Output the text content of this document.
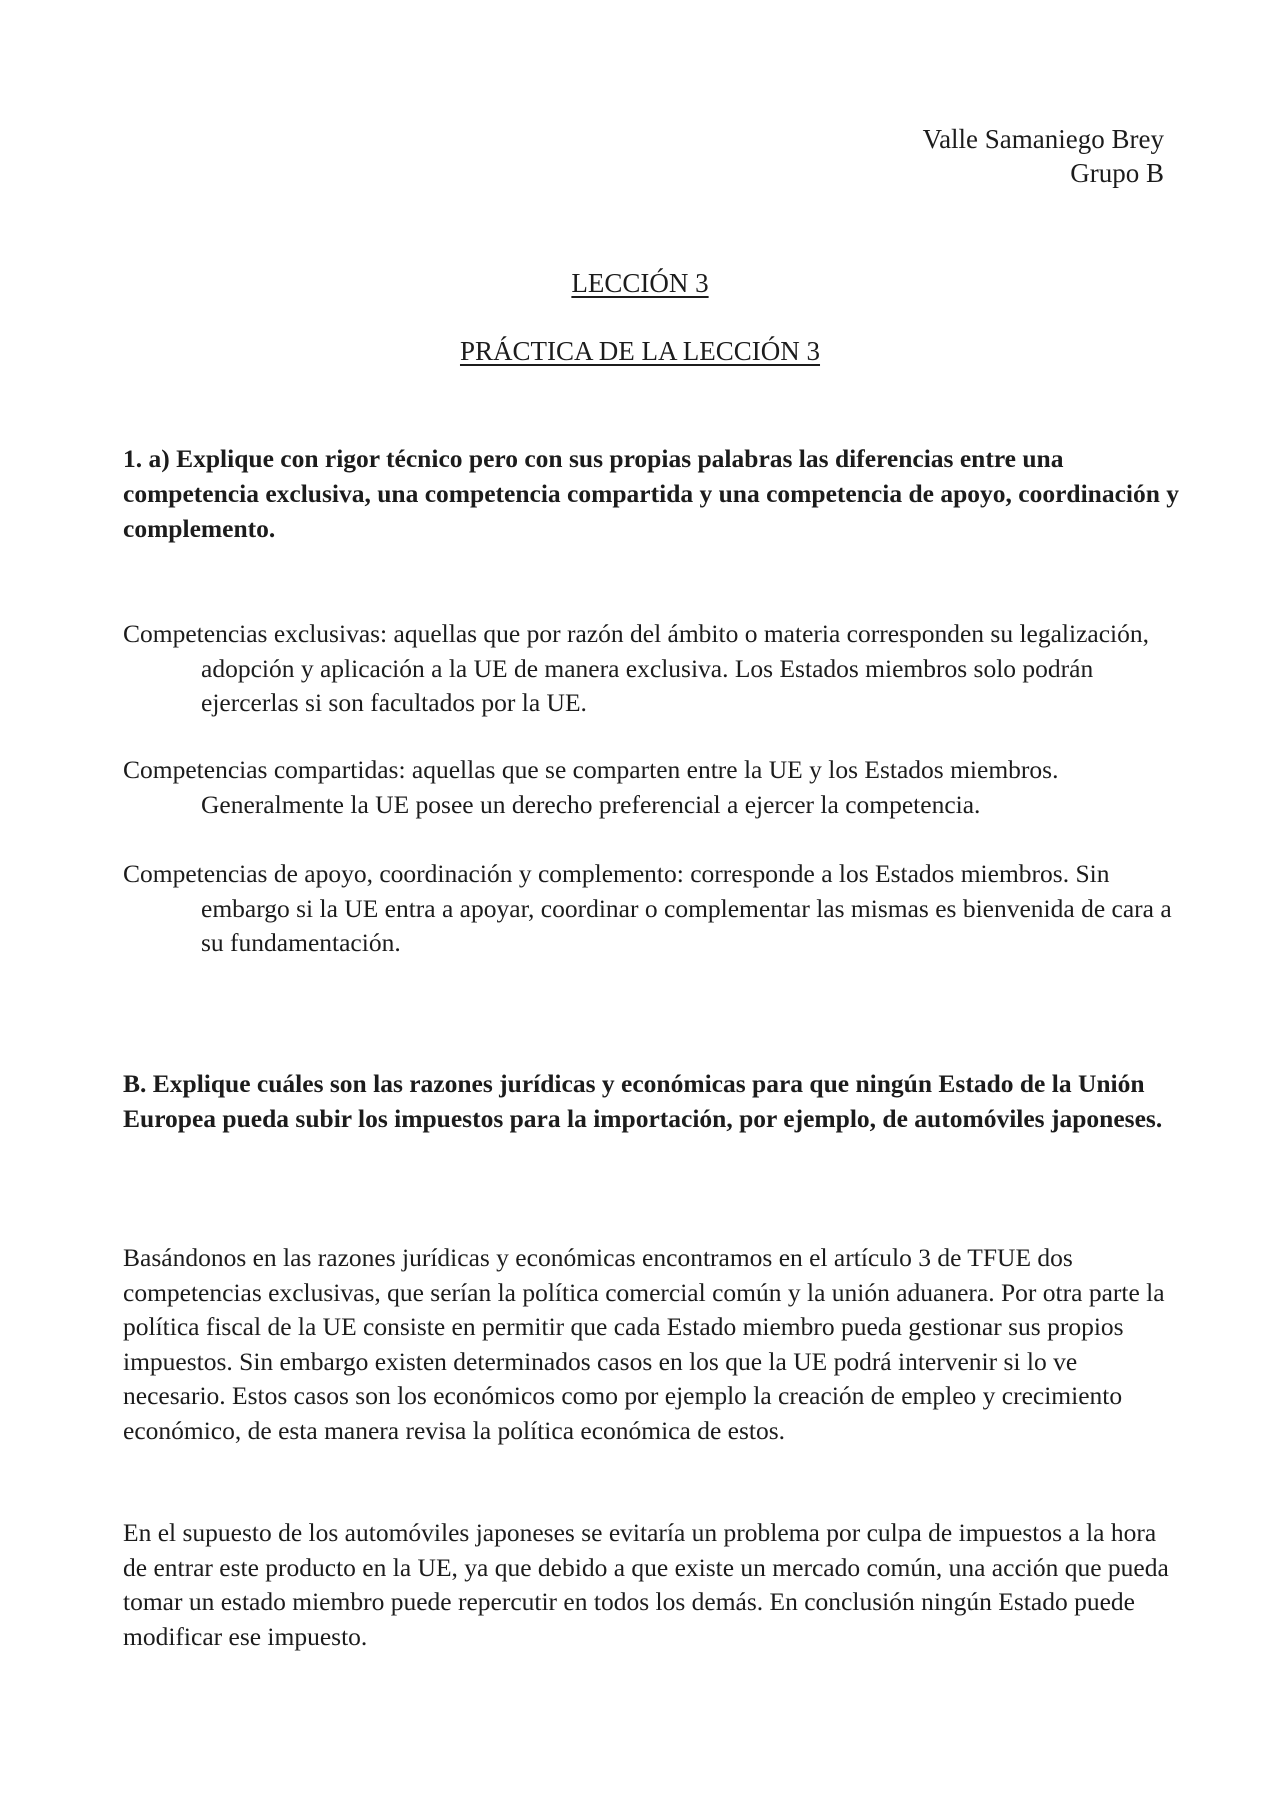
Valle Samaniego Brey
Grupo B
LECCIÓN 3
PRÁCTICA DE LA LECCIÓN 3

1. a) Explique con rigor técnico pero con sus propias palabras las diferencias entre una competencia exclusiva, una competencia compartida y una competencia de apoyo, coordinación y complemento.

Competencias exclusivas: aquellas que por razón del ámbito o materia corresponden su legalización, adopción y aplicación a la UE de manera exclusiva. Los Estados miembros solo podrán ejercerlas si son facultados por la UE.

Competencias compartidas: aquellas que se comparten entre la UE y los Estados miembros. Generalmente la UE posee un derecho preferencial a ejercer la competencia.

Competencias de apoyo, coordinación y complemento: corresponde a los Estados miembros. Sin embargo si la UE entra a apoyar, coordinar o complementar las mismas es bienvenida de cara a su fundamentación.

B. Explique cuáles son las razones jurídicas y económicas para que ningún Estado de la Unión Europea pueda subir los impuestos para la importación, por ejemplo, de automóviles japoneses.

Basándonos en las razones jurídicas y económicas encontramos en el artículo 3 de TFUE dos competencias exclusivas, que serían la política comercial común y la unión aduanera. Por otra parte la política fiscal de la UE consiste en permitir que cada Estado miembro pueda gestionar sus propios impuestos. Sin embargo existen determinados casos en los que la UE podrá intervenir si lo ve necesario. Estos casos son los económicos como por ejemplo la creación de empleo y crecimiento económico, de esta manera revisa la política económica de estos.

En el supuesto de los automóviles japoneses se evitaría un problema por culpa de impuestos a la hora de entrar este producto en la UE, ya que debido a que existe un mercado común, una acción que pueda tomar un estado miembro puede repercutir en todos los demás. En conclusión ningún Estado puede modificar ese impuesto.
